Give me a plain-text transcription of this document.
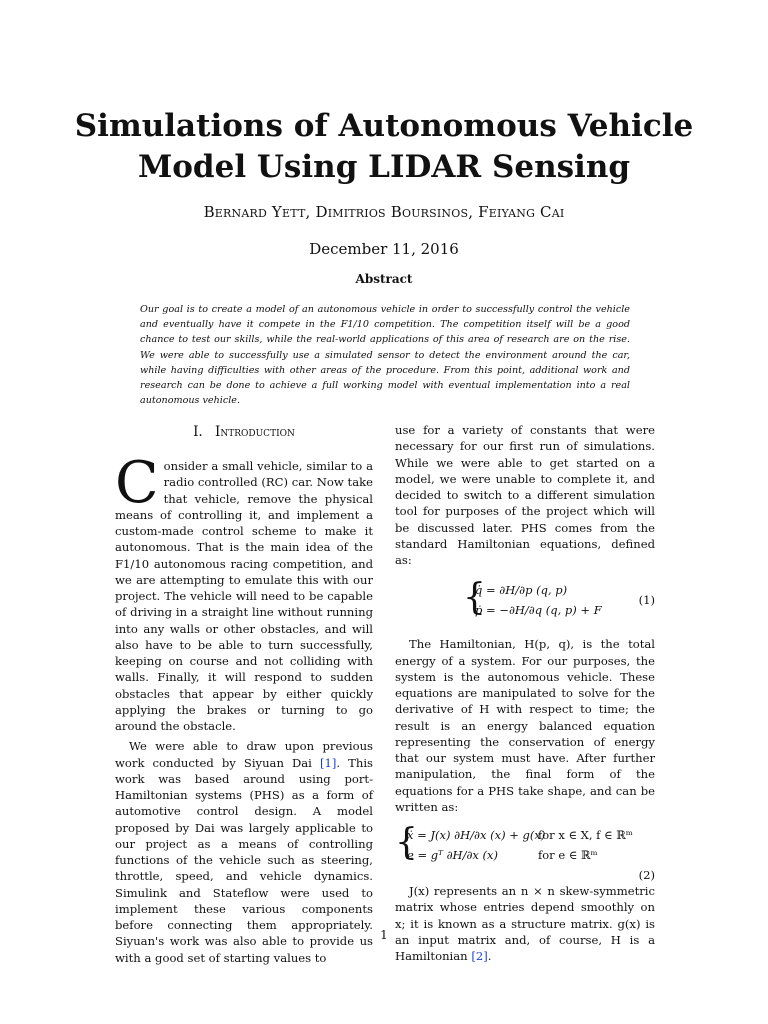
Simulations of Autonomous Vehicle Model Using LIDAR Sensing
Bernard Yett, Dimitrios Boursinos, Feiyang Cai
December 11, 2016
Abstract

Our goal is to create a model of an autonomous vehicle in order to successfully control the vehicle and eventually have it compete in the F1/10 competition. The competition itself will be a good chance to test our skills, while the real-world applications of this area of research are on the rise. We were able to successfully use a simulated sensor to detect the environment around the car, while having difficulties with other areas of the procedure. From this point, additional work and research can be done to achieve a full working model with eventual implementation into a real autonomous vehicle.

I. Introduction

Consider a small vehicle, similar to a radio controlled (RC) car. Now take that vehicle, remove the physical means of controlling it, and implement a custom-made control scheme to make it autonomous. That is the main idea of the F1/10 autonomous racing competition, and we are attempting to emulate this with our project. The vehicle will need to be capable of driving in a straight line without running into any walls or other obstacles, and will also have to be able to turn successfully, keeping on course and not colliding with walls. Finally, it will respond to sudden obstacles that appear by either quickly applying the brakes or turning to go around the obstacle.

We were able to draw upon previous work conducted by Siyuan Dai [1]. This work was based around using port-Hamiltonian systems (PHS) as a form of automotive control design. A model proposed by Dai was largely applicable to our project as a means of controlling functions of the vehicle such as steering, throttle, speed, and vehicle dynamics. Simulink and Stateflow were used to implement these various components before connecting them appropriately. Siyuan's work was also able to provide us with a good set of starting values to

use for a variety of constants that were necessary for our first run of simulations. While we were able to get started on a model, we were unable to complete it, and decided to switch to a different simulation tool for purposes of the project which will be discussed later. PHS comes from the standard Hamiltonian equations, defined as:

{
q̇ = ∂H/∂p (q, p)
ṗ = −∂H/∂q (q, p) + F
(1)

The Hamiltonian, H(p, q), is the total energy of a system. For our purposes, the system is the autonomous vehicle. These equations are manipulated to solve for the derivative of H with respect to time; the result is an energy balanced equation representing the conservation of energy that our system must have. After further manipulation, the final form of the equations for a PHS take shape, and can be written as:

{
ẋ = J(x) ∂H/∂x (x) + g(x)
for x ∈ X, f ∈ ℝᵐ
e = gᵀ ∂H/∂x (x)	for e ∈ ℝᵐ
(2)

J(x) represents an n × n skew-symmetric matrix whose entries depend smoothly on x; it is known as a structure matrix. g(x) is an input matrix and, of course, H is a Hamiltonian [2].

1
